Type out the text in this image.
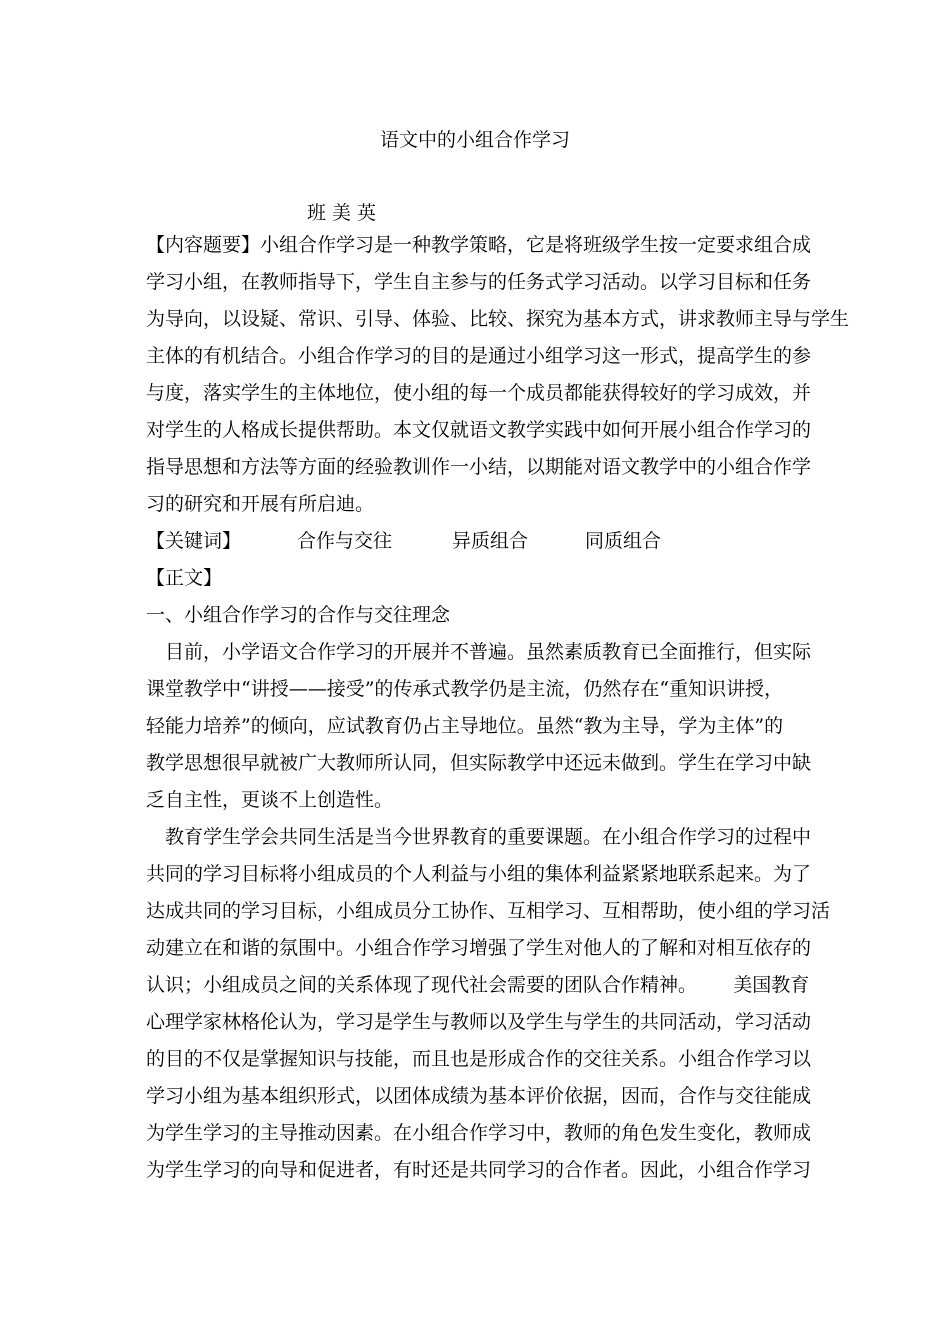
语文中的小组合作学习
班美英
【内容题要】小组合作学习是一种教学策略，它是将班级学生按一定要求组合成
学习小组，在教师指导下，学生自主参与的任务式学习活动。以学习目标和任务
为导向，以设疑、常识、引导、体验、比较、探究为基本方式，讲求教师主导与学生
主体的有机结合。小组合作学习的目的是通过小组学习这一形式，提高学生的参
与度，落实学生的主体地位，使小组的每一个成员都能获得较好的学习成效，并
对学生的人格成长提供帮助。本文仅就语文教学实践中如何开展小组合作学习的
指导思想和方法等方面的经验教训作一小结，以期能对语文教学中的小组合作学
习的研究和开展有所启迪。
【关键词】	合作与交往	异质组合	同质组合
【正文】
一、小组合作学习的合作与交往理念
目前，小学语文合作学习的开展并不普遍。虽然素质教育已全面推行，但实际
课堂教学中“讲授——接受”的传承式教学仍是主流，仍然存在“重知识讲授，
轻能力培养”的倾向，应试教育仍占主导地位。虽然“教为主导，学为主体”的
教学思想很早就被广大教师所认同，但实际教学中还远未做到。学生在学习中缺
乏自主性，更谈不上创造性。
教育学生学会共同生活是当今世界教育的重要课题。在小组合作学习的过程中
共同的学习目标将小组成员的个人利益与小组的集体利益紧紧地联系起来。为了
达成共同的学习目标，小组成员分工协作、互相学习、互相帮助，使小组的学习活
动建立在和谐的氛围中。小组合作学习增强了学生对他人的了解和对相互依存的
认识；小组成员之间的关系体现了现代社会需要的团队合作精神。      美国教育
心理学家林格伦认为，学习是学生与教师以及学生与学生的共同活动，学习活动
的目的不仅是掌握知识与技能，而且也是形成合作的交往关系。小组合作学习以
学习小组为基本组织形式，以团体成绩为基本评价依据，因而，合作与交往能成
为学生学习的主导推动因素。在小组合作学习中，教师的角色发生变化，教师成
为学生学习的向导和促进者，有时还是共同学习的合作者。因此，小组合作学习
